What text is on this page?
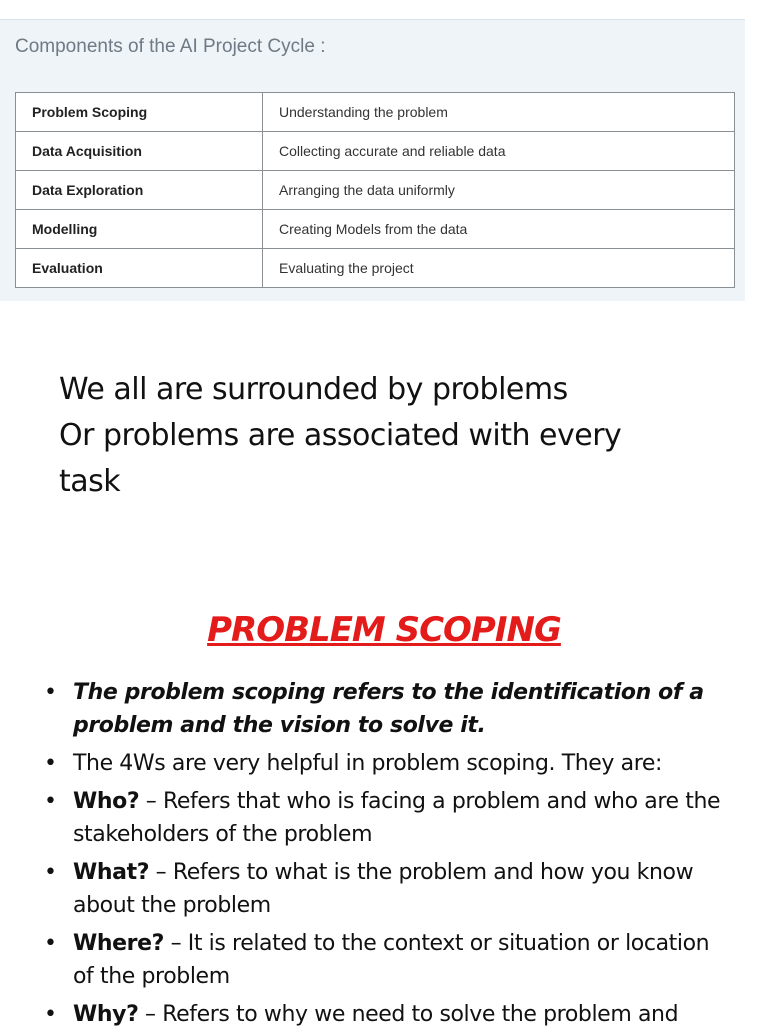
Components of the AI Project Cycle :
Problem Scoping	Understanding the problem
Data Acquisition	Collecting accurate and reliable data
Data Exploration	Arranging the data uniformly
Modelling	Creating Models from the data
Evaluation	Evaluating the project
We all are surrounded by problems
Or problems are associated with every
task
PROBLEM SCOPING
• The problem scoping refers to the identification of a problem and the vision to solve it.
• The 4Ws are very helpful in problem scoping. They are:
• Who? – Refers that who is facing a problem and who are the stakeholders of the problem
• What? – Refers to what is the problem and how you know about the problem
• Where? – It is related to the context or situation or location of the problem
• Why? – Refers to why we need to solve the problem and
